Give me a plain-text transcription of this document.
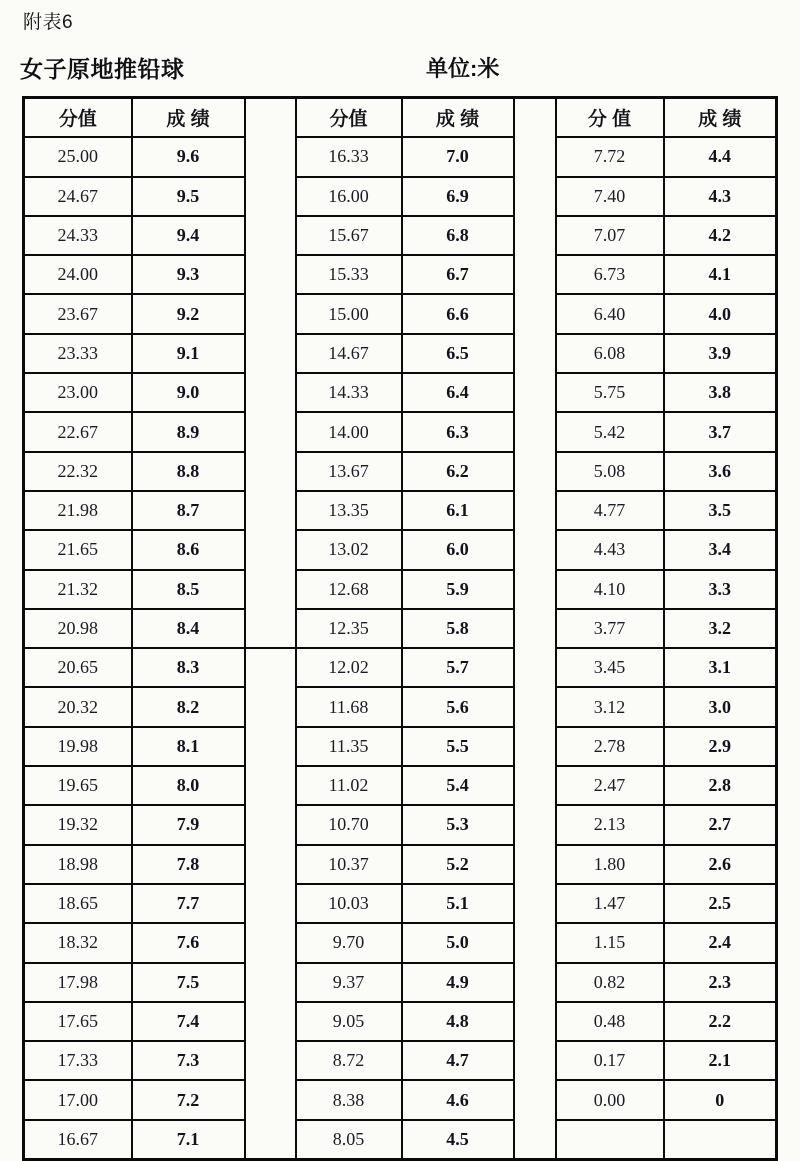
附表6
女子原地推铅球	单位:米
分值	成 绩		分值	成 绩		分 值	成 绩
25.00	9.6		16.33	7.0		7.72	4.4
24.67	9.5		16.00	6.9		7.40	4.3
24.33	9.4		15.67	6.8		7.07	4.2
24.00	9.3		15.33	6.7		6.73	4.1
23.67	9.2		15.00	6.6		6.40	4.0
23.33	9.1		14.67	6.5		6.08	3.9
23.00	9.0		14.33	6.4		5.75	3.8
22.67	8.9		14.00	6.3		5.42	3.7
22.32	8.8		13.67	6.2		5.08	3.6
21.98	8.7		13.35	6.1		4.77	3.5
21.65	8.6		13.02	6.0		4.43	3.4
21.32	8.5		12.68	5.9		4.10	3.3
20.98	8.4		12.35	5.8		3.77	3.2
20.65	8.3		12.02	5.7		3.45	3.1
20.32	8.2		11.68	5.6		3.12	3.0
19.98	8.1		11.35	5.5		2.78	2.9
19.65	8.0		11.02	5.4		2.47	2.8
19.32	7.9		10.70	5.3		2.13	2.7
18.98	7.8		10.37	5.2		1.80	2.6
18.65	7.7		10.03	5.1		1.47	2.5
18.32	7.6		9.70	5.0		1.15	2.4
17.98	7.5		9.37	4.9		0.82	2.3
17.65	7.4		9.05	4.8		0.48	2.2
17.33	7.3		8.72	4.7		0.17	2.1
17.00	7.2		8.38	4.6		0.00	0
16.67	7.1		8.05	4.5			
